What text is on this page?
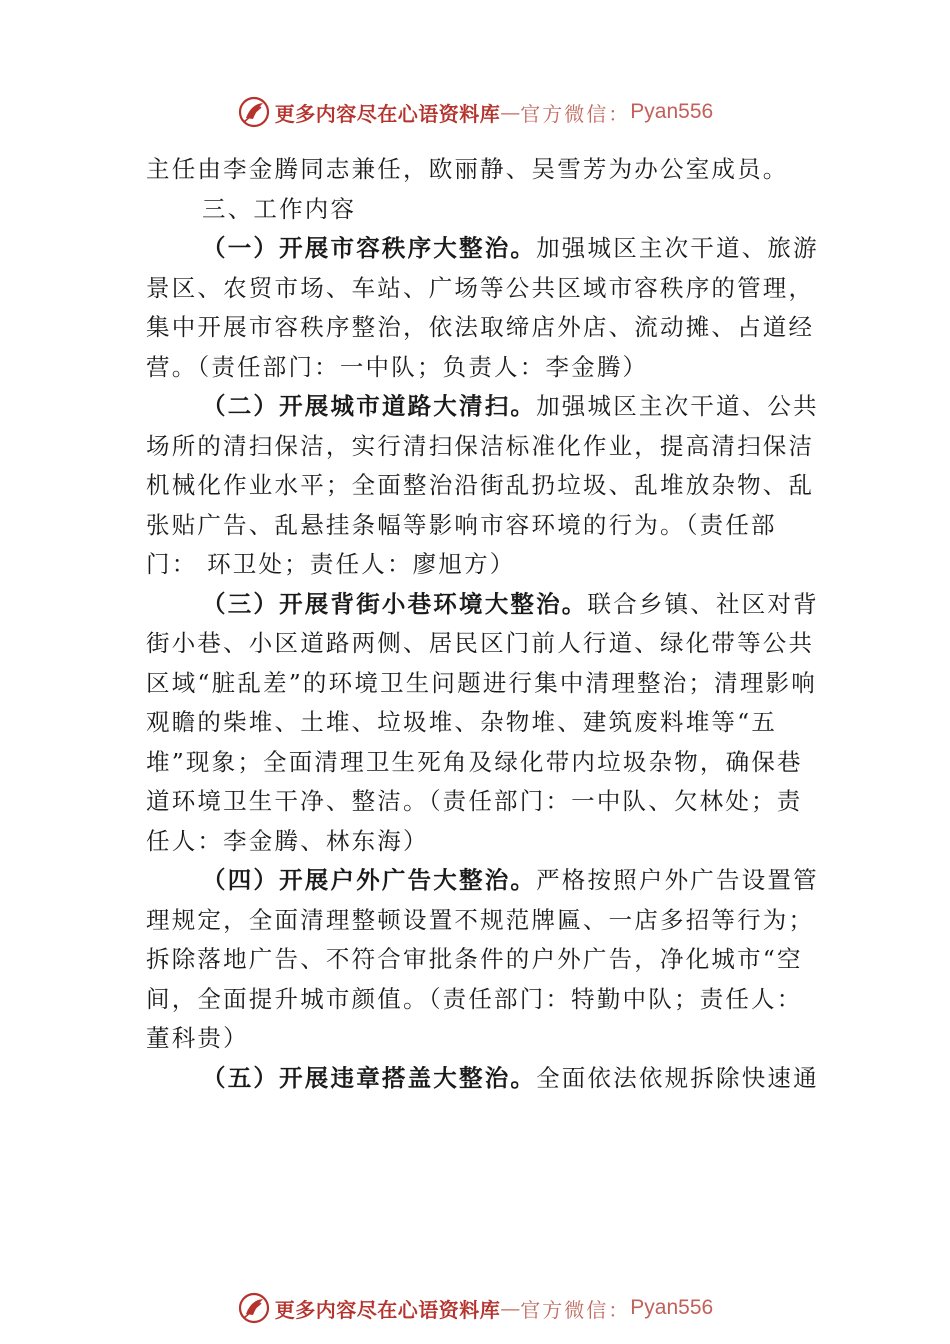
更多内容尽在心语资料库 — 官方微信： Pyan556

主任由李金腾同志兼任，欧丽静、吴雪芳为办公室成员。

三、工作内容

（一）开展市容秩序大整治。加强城区主次干道、旅游景区、农贸市场、车站、广场等公共区域市容秩序的管理， 集中开展市容秩序整治，依法取缔店外店、流动摊、占道经营。（责任部门：一中队；负责人：李金腾）

（二）开展城市道路大清扫。加强城区主次干道、公共场所的清扫保洁，实行清扫保洁标准化作业，提高清扫保洁机械化作业水平；全面整治沿街乱扔垃圾、乱堆放杂物、乱张贴广告、乱悬挂条幅等影响市容环境的行为。（责任部门： 环卫处；责任人：廖旭方）

（三）开展背街小巷环境大整治。联合乡镇、社区对背街小巷、小区道路两侧、居民区门前人行道、绿化带等公共区域“脏乱差”的环境卫生问题进行集中清理整治；清理影响观瞻的柴堆、土堆、垃圾堆、杂物堆、建筑废料堆等“五堆”现象；全面清理卫生死角及绿化带内垃圾杂物，确保巷道环境卫生干净、整洁。（责任部门：一中队、⽋林处；责任人：李金腾、林东海）

（四）开展户外广告大整治。严格按照户外广告设置管理规定，全面清理整顿设置不规范牌匾、一店多招等行为； 拆除落地广告、不符合审批条件的户外广告，净化城市“空间，全面提升城市颜值。（责任部门：特勤中队；责任人：董科贵）

（五）开展违章搭盖大整治。全面依法依规拆除快速通

更多内容尽在心语资料库 — 官方微信： Pyan556
